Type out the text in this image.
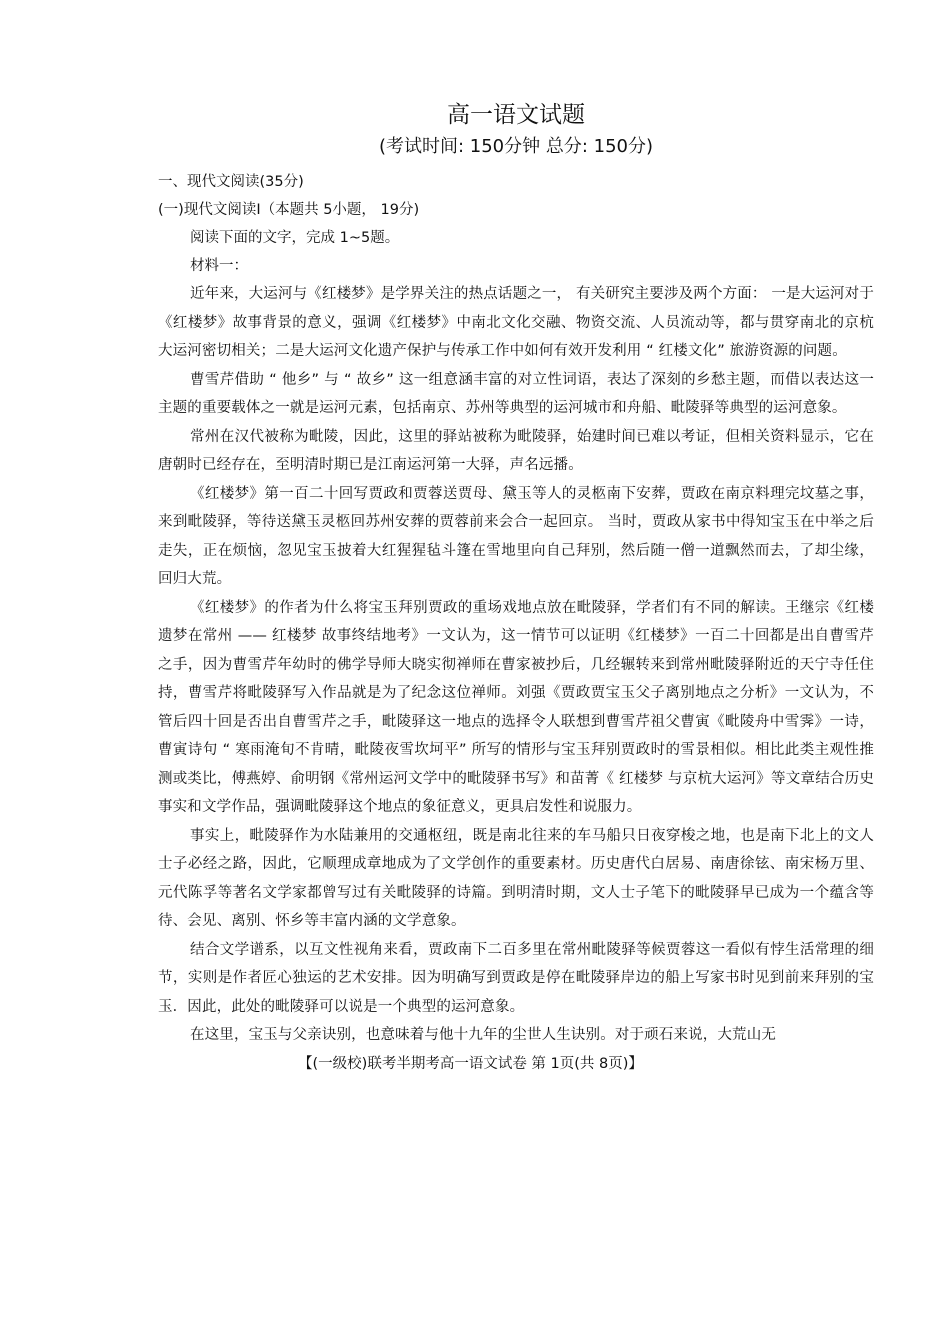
高一语文试题

(考试时间: 150分钟 总分: 150分)

一、现代文阅读(35分)

(一)现代文阅读Ⅰ（本题共 5小题， 19分)

阅读下面的文字，完成 1~5题。

材料一：

近年来，大运河与《红楼梦》是学界关注的热点话题之一， 有关研究主要涉及两个方面： 一是大运河对于《红楼梦》故事背景的意义，强调《红楼梦》中南北文化交融、物资交流、人员流动等，都与贯穿南北的京杭大运河密切相关；二是大运河文化遗产保护与传承工作中如何有效开发利用 “ 红楼文化” 旅游资源的问题。

曹雪芹借助 “ 他乡” 与 “ 故乡” 这一组意涵丰富的对立性词语，表达了深刻的乡愁主题，而借以表达这一主题的重要载体之一就是运河元素，包括南京、苏州等典型的运河城市和舟船、毗陵驿等典型的运河意象。

常州在汉代被称为毗陵，因此，这里的驿站被称为毗陵驿，始建时间已难以考证，但相关资料显示，它在唐朝时已经存在，至明清时期已是江南运河第一大驿，声名远播。

《红楼梦》第一百二十回写贾政和贾蓉送贾母、黛玉等人的灵柩南下安葬，贾政在南京料理完坟墓之事，来到毗陵驿，等待送黛玉灵柩回苏州安葬的贾蓉前来会合一起回京。 当时，贾政从家书中得知宝玉在中举之后走失，正在烦恼，忽见宝玉披着大红猩猩毡斗篷在雪地里向自己拜别，然后随一僧一道飘然而去，了却尘缘，回归大荒。

《红楼梦》的作者为什么将宝玉拜别贾政的重场戏地点放在毗陵驿，学者们有不同的解读。王继宗《红楼遗梦在常州 —— 红楼梦 故事终结地考》一文认为，这一情节可以证明《红楼梦》一百二十回都是出自曹雪芹之手，因为曹雪芹年幼时的佛学导师大晓实彻禅师在曹家被抄后，几经辗转来到常州毗陵驿附近的天宁寺任住持，曹雪芹将毗陵驿写入作品就是为了纪念这位禅师。刘强《贾政贾宝玉父子离别地点之分析》一文认为，不管后四十回是否出自曹雪芹之手，毗陵驿这一地点的选择令人联想到曹雪芹祖父曹寅《毗陵舟中雪霁》一诗，曹寅诗句 “ 寒雨淹旬不肯晴，毗陵夜雪坎坷平” 所写的情形与宝玉拜别贾政时的雪景相似。相比此类主观性推测或类比，傅燕婷、俞明钢《常州运河文学中的毗陵驿书写》和苗菁《 红楼梦 与京杭大运河》等文章结合历史事实和文学作品，强调毗陵驿这个地点的象征意义，更具启发性和说服力。

事实上，毗陵驿作为水陆兼用的交通枢纽，既是南北往来的车马船只日夜穿梭之地，也是南下北上的文人士子必经之路，因此，它顺理成章地成为了文学创作的重要素材。历史唐代白居易、南唐徐铉、南宋杨万里、元代陈孚等著名文学家都曾写过有关毗陵驿的诗篇。到明清时期，文人士子笔下的毗陵驿早已成为一个蕴含等待、会见、离别、怀乡等丰富内涵的文学意象。

结合文学谱系，以互文性视角来看，贾政南下二百多里在常州毗陵驿等候贾蓉这一看似有悖生活常理的细节，实则是作者匠心独运的艺术安排。因为明确写到贾政是停在毗陵驿岸边的船上写家书时见到前来拜别的宝玉．因此，此处的毗陵驿可以说是一个典型的运河意象。

在这里，宝玉与父亲诀别，也意味着与他十九年的尘世人生诀别。对于顽石来说，大荒山无

【(一级校)联考半期考高一语文试卷 第 1页(共 8页)】
